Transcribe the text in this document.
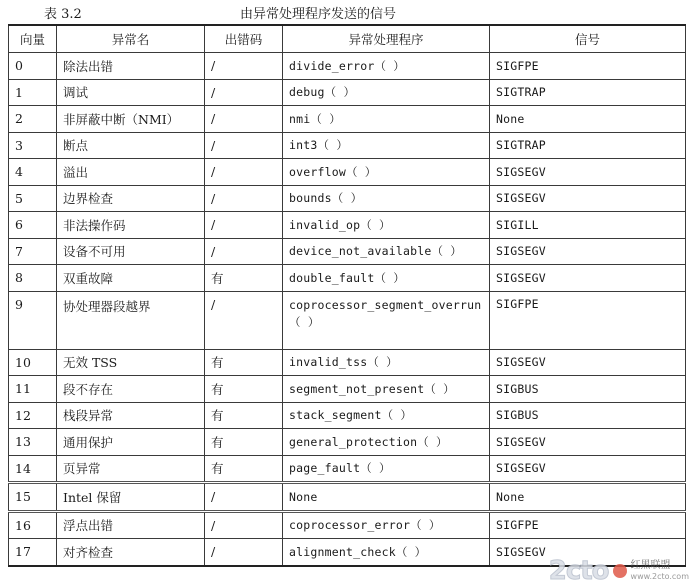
表 3.2	由异常处理程序发送的信号
向量	异常名	出错码	异常处理程序	信号
0	除法出错	/	divide_error（ ）	SIGFPE
1	调试	/	debug（ ）	SIGTRAP
2	非屏蔽中断（NMI）	/	nmi（ ）	None
3	断点	/	int3（ ）	SIGTRAP
4	溢出	/	overflow（ ）	SIGSEGV
5	边界检查	/	bounds（ ）	SIGSEGV
6	非法操作码	/	invalid_op（ ）	SIGILL
7	设备不可用	/	device_not_available（ ）	SIGSEGV
8	双重故障	有	double_fault（ ）	SIGSEGV
9	协处理器段越界	/	coprocessor_segment_overrun（ ）	SIGFPE
10	无效 TSS	有	invalid_tss（ ）	SIGSEGV
11	段不存在	有	segment_not_present（ ）	SIGBUS
12	栈段异常	有	stack_segment（ ）	SIGBUS
13	通用保护	有	general_protection（ ）	SIGSEGV
14	页异常	有	page_fault（ ）	SIGSEGV
15	Intel 保留	/	None	None
16	浮点出错	/	coprocessor_error（ ）	SIGFPE
17	对齐检查	/	alignment_check（ ）	SIGSEGV
2cto 红黑联盟
www.2cto.com
